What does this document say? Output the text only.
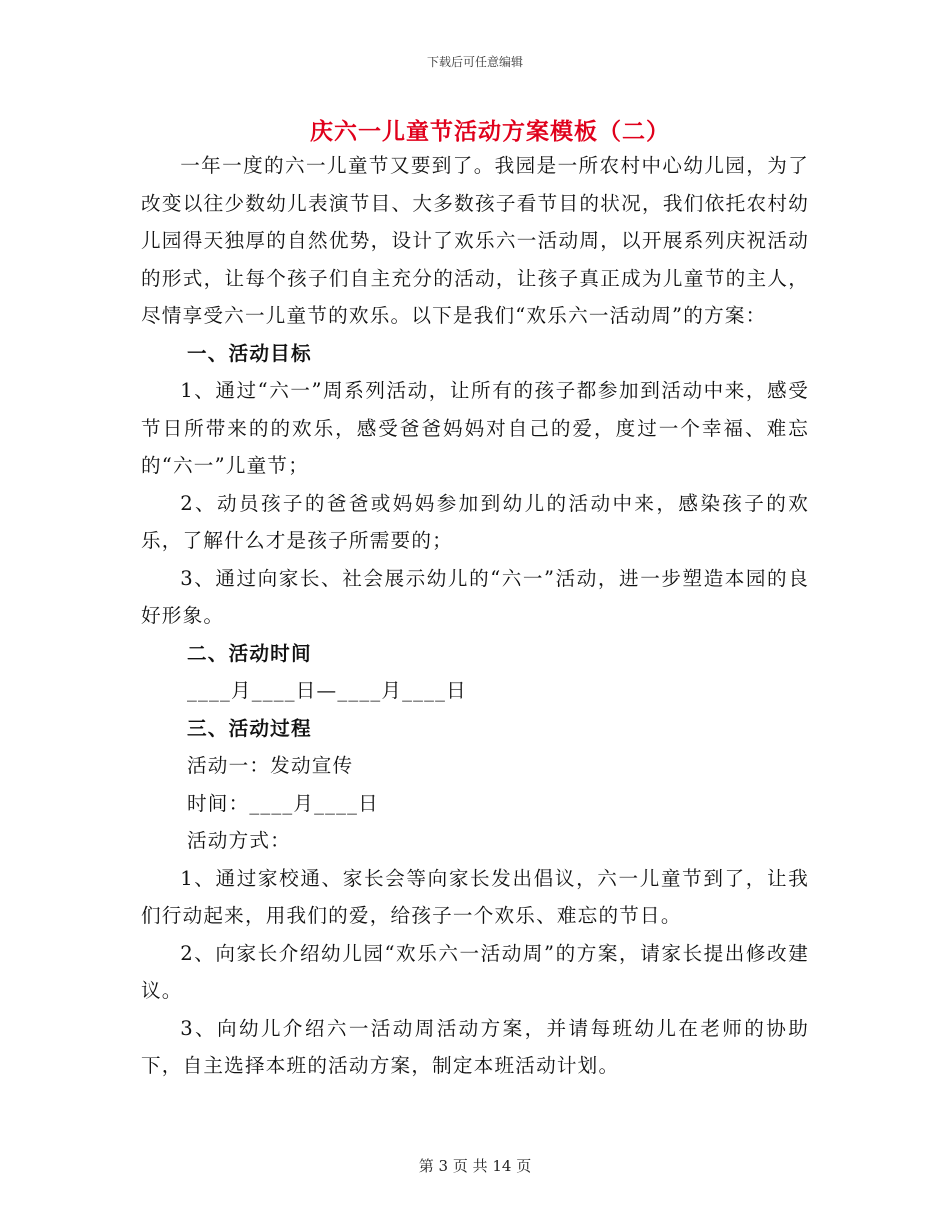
下载后可任意编辑
庆六一儿童节活动方案模板（二）

一年一度的六一儿童节又要到了。我园是一所农村中心幼儿园，为了改变以往少数幼儿表演节目、大多数孩子看节目的状况，我们依托农村幼儿园得天独厚的自然优势，设计了欢乐六一活动周，以开展系列庆祝活动的形式，让每个孩子们自主充分的活动，让孩子真正成为儿童节的主人，尽情享受六一儿童节的欢乐。以下是我们“欢乐六一活动周”的方案：

一、活动目标

1、通过“六一”周系列活动，让所有的孩子都参加到活动中来，感受节日所带来的的欢乐，感受爸爸妈妈对自己的爱，度过一个幸福、难忘的“六一”儿童节；

2、动员孩子的爸爸或妈妈参加到幼儿的活动中来，感染孩子的欢乐，了解什么才是孩子所需要的；

3、通过向家长、社会展示幼儿的“六一”活动，进一步塑造本园的良好形象。

二、活动时间

____月____日—____月____日

三、活动过程

活动一：发动宣传

时间：____月____日

活动方式：

1、通过家校通、家长会等向家长发出倡议，六一儿童节到了，让我们行动起来，用我们的爱，给孩子一个欢乐、难忘的节日。

2、向家长介绍幼儿园“欢乐六一活动周”的方案，请家长提出修改建议。

3、向幼儿介绍六一活动周活动方案，并请每班幼儿在老师的协助下，自主选择本班的活动方案，制定本班活动计划。

第 3 页 共 14 页
